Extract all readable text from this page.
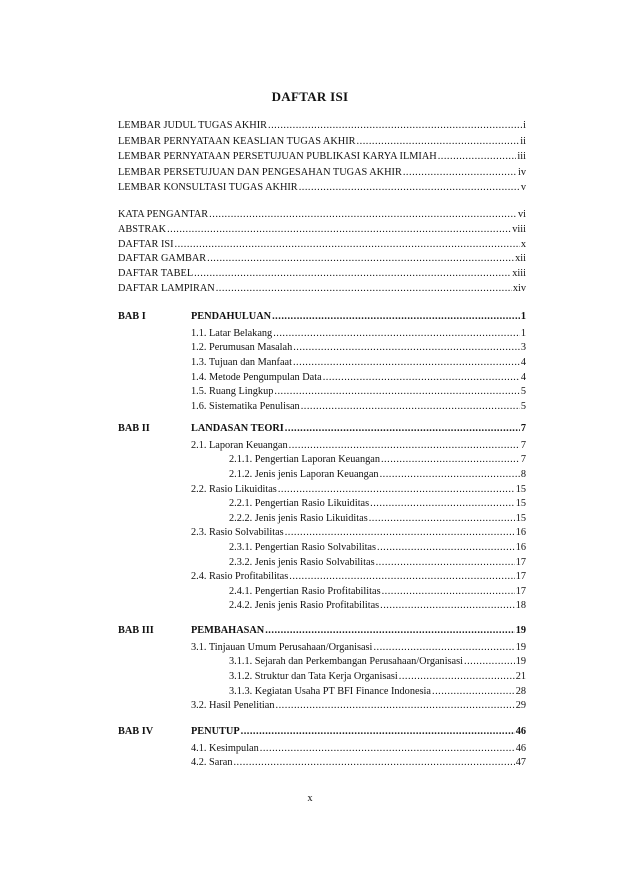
DAFTAR ISI
LEMBAR JUDUL TUGAS AKHIR .....	i
LEMBAR PERNYATAAN KEASLIAN TUGAS AKHIR .....	ii
LEMBAR PERNYATAAN PERSETUJUAN PUBLIKASI KARYA ILMIAH .....	iii
LEMBAR PERSETUJUAN DAN PENGESAHAN TUGAS AKHIR .....	iv
LEMBAR KONSULTASI TUGAS AKHIR .....	v
KATA PENGANTAR .....	vi
ABSTRAK .....	viii
DAFTAR ISI .....	x
DAFTAR GAMBAR .....	xii
DAFTAR TABEL .....	xiii
DAFTAR LAMPIRAN .....	xiv
BAB I	PENDAHULUAN .....	1
1.1. Latar Belakang .....	1
1.2. Perumusan Masalah .....	3
1.3. Tujuan dan Manfaat .....	4
1.4. Metode Pengumpulan Data .....	4
1.5. Ruang Lingkup .....	5
1.6. Sistematika Penulisan .....	5
BAB II	LANDASAN TEORI .....	7
2.1. Laporan Keuangan .....	7
2.1.1. Pengertian Laporan Keuangan .....	7
2.1.2. Jenis jenis Laporan Keuangan .....	8
2.2. Rasio Likuiditas .....	15
2.2.1. Pengertian Rasio Likuiditas .....	15
2.2.2. Jenis jenis Rasio Likuiditas .....	15
2.3. Rasio Solvabilitas .....	16
2.3.1. Pengertian Rasio Solvabilitas .....	16
2.3.2. Jenis jenis Rasio Solvabilitas .....	17
2.4. Rasio Profitabilitas .....	17
2.4.1. Pengertian Rasio Profitabilitas .....	17
2.4.2. Jenis jenis Rasio Profitabilitas .....	18
BAB III	PEMBAHASAN .....	19
3.1. Tinjauan Umum Perusahaan/Organisasi .....	19
3.1.1. Sejarah dan Perkembangan Perusahaan/Organisasi .....	19
3.1.2. Struktur dan Tata Kerja Organisasi .....	21
3.1.3. Kegiatan Usaha PT BFI Finance Indonesia .....	28
3.2. Hasil Penelitian .....	29
BAB IV	PENUTUP .....	46
4.1. Kesimpulan .....	46
4.2. Saran .....	47
x
